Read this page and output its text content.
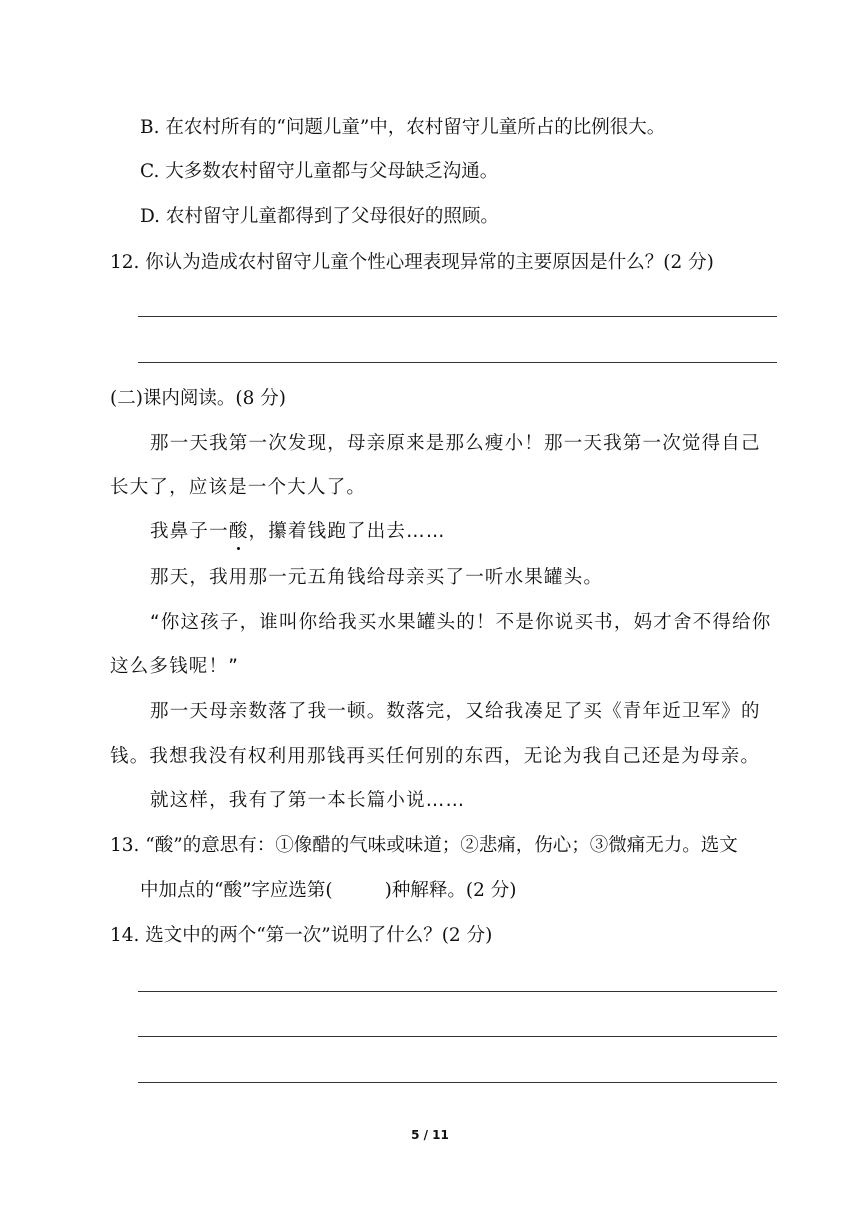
B. 在农村所有的“问题儿童”中，农村留守儿童所占的比例很大。
C. 大多数农村留守儿童都与父母缺乏沟通。
D. 农村留守儿童都得到了父母很好的照顾。
12. 你认为造成农村留守儿童个性心理表现异常的主要原因是什么？(2 分)
(二)课内阅读。(8 分)
那一天我第一次发现，母亲原来是那么瘦小！那一天我第一次觉得自己
长大了，应该是一个大人了。
我鼻子一酸，攥着钱跑了出去……
那天，我用那一元五角钱给母亲买了一听水果罐头。
“你这孩子，谁叫你给我买水果罐头的！不是你说买书，妈才舍不得给你
这么多钱呢！”
那一天母亲数落了我一顿。数落完，又给我凑足了买《青年近卫军》的
钱。我想我没有权利用那钱再买任何别的东西，无论为我自己还是为母亲。
就这样，我有了第一本长篇小说……
13. “酸”的意思有：①像醋的气味或味道；②悲痛，伤心；③微痛无力。选文
中加点的“酸”字应选第(	)种解释。(2 分)
14. 选文中的两个“第一次”说明了什么？(2 分)
5 / 11
